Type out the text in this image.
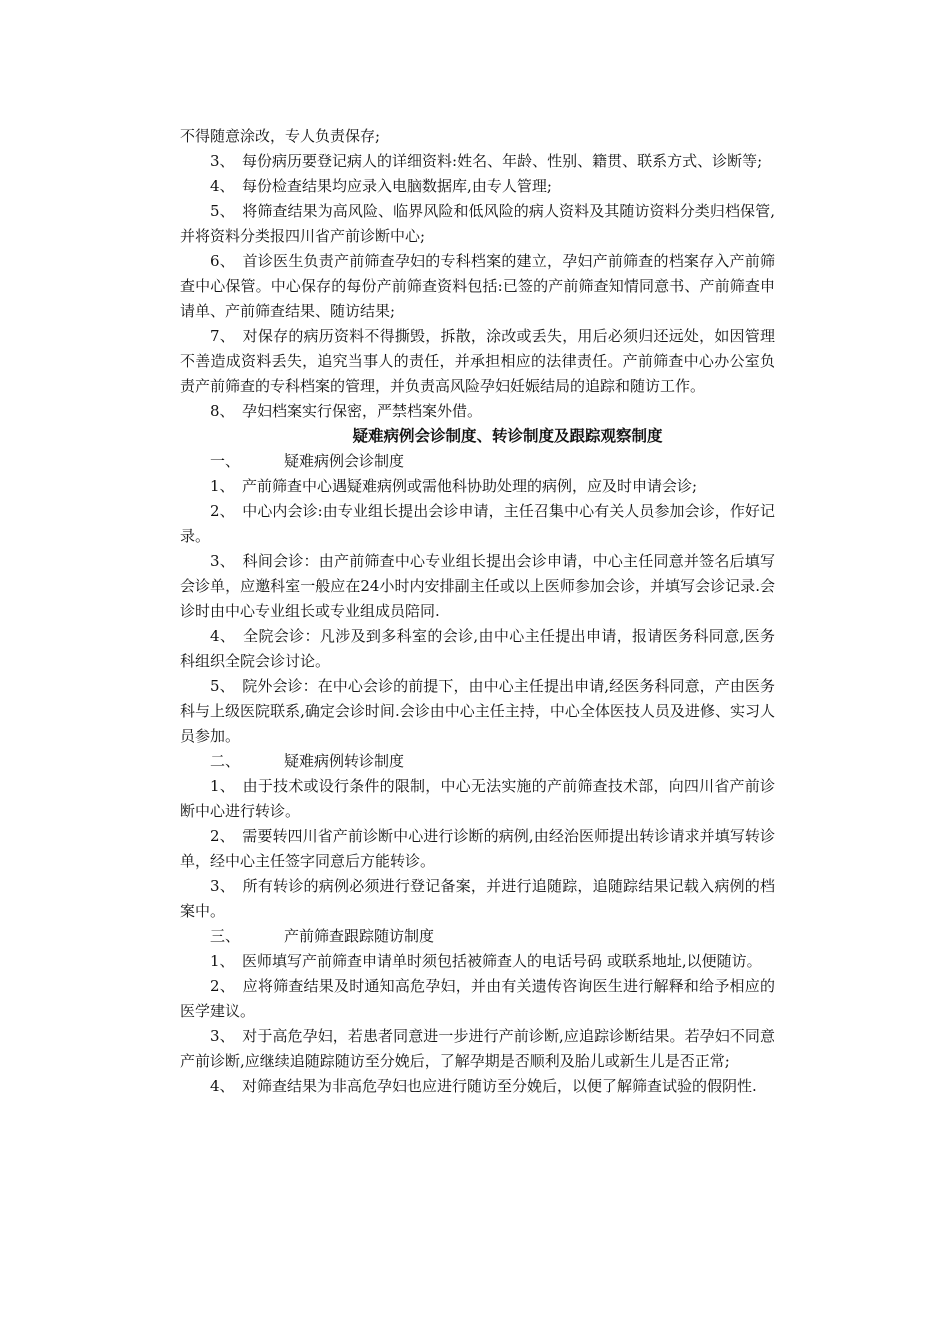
不得随意涂改，专人负责保存;

3、　每份病历要登记病人的详细资料:姓名、年龄、性别、籍贯、联系方式、诊断等;

4、　每份检查结果均应录入电脑数据库,由专人管理;

5、　将筛查结果为高风险、临界风险和低风险的病人资料及其随访资料分类归档保管,并将资料分类报四川省产前诊断中心;

6、　首诊医生负责产前筛查孕妇的专科档案的建立，孕妇产前筛查的档案存入产前筛查中心保管。中心保存的每份产前筛查资料包括:已签的产前筛查知情同意书、产前筛查申请单、产前筛查结果、随访结果;

7、　对保存的病历资料不得撕毁，拆散，涂改或丢失，用后必须归还远处，如因管理不善造成资料丢失，追究当事人的责任，并承担相应的法律责任。产前筛查中心办公室负责产前筛查的专科档案的管理，并负责高风险孕妇妊娠结局的追踪和随访工作。

8、　孕妇档案实行保密，严禁档案外借。

疑难病例会诊制度、转诊制度及跟踪观察制度

一、	疑难病例会诊制度

1、　产前筛查中心遇疑难病例或需他科协助处理的病例，应及时申请会诊;

2、　中心内会诊:由专业组长提出会诊申请，主任召集中心有关人员参加会诊，作好记录。

3、　科间会诊：由产前筛查中心专业组长提出会诊申请，中心主任同意并签名后填写会诊单，应邀科室一般应在24小时内安排副主任或以上医师参加会诊，并填写会诊记录.会诊时由中心专业组长或专业组成员陪同.

4、　全院会诊：凡涉及到多科室的会诊,由中心主任提出申请，报请医务科同意,医务科组织全院会诊讨论。

5、　院外会诊：在中心会诊的前提下，由中心主任提出申请,经医务科同意，产由医务科与上级医院联系,确定会诊时间.会诊由中心主任主持，中心全体医技人员及进修、实习人员参加。

二、	疑难病例转诊制度

1、　由于技术或设行条件的限制，中心无法实施的产前筛查技术部，向四川省产前诊断中心进行转诊。

2、　需要转四川省产前诊断中心进行诊断的病例,由经治医师提出转诊请求并填写转诊单，经中心主任签字同意后方能转诊。

3、　所有转诊的病例必须进行登记备案，并进行追随踪，追随踪结果记载入病例的档案中。

三、	产前筛查跟踪随访制度

1、　医师填写产前筛查申请单时须包括被筛查人的电话号码 或联系地址,以便随访。

2、　应将筛查结果及时通知高危孕妇，并由有关遗传咨询医生进行解释和给予相应的医学建议。

3、　对于高危孕妇，若患者同意进一步进行产前诊断,应追踪诊断结果。若孕妇不同意产前诊断,应继续追随踪随访至分娩后，了解孕期是否顺利及胎儿或新生儿是否正常;

4、　对筛查结果为非高危孕妇也应进行随访至分娩后，以便了解筛查试验的假阴性.
